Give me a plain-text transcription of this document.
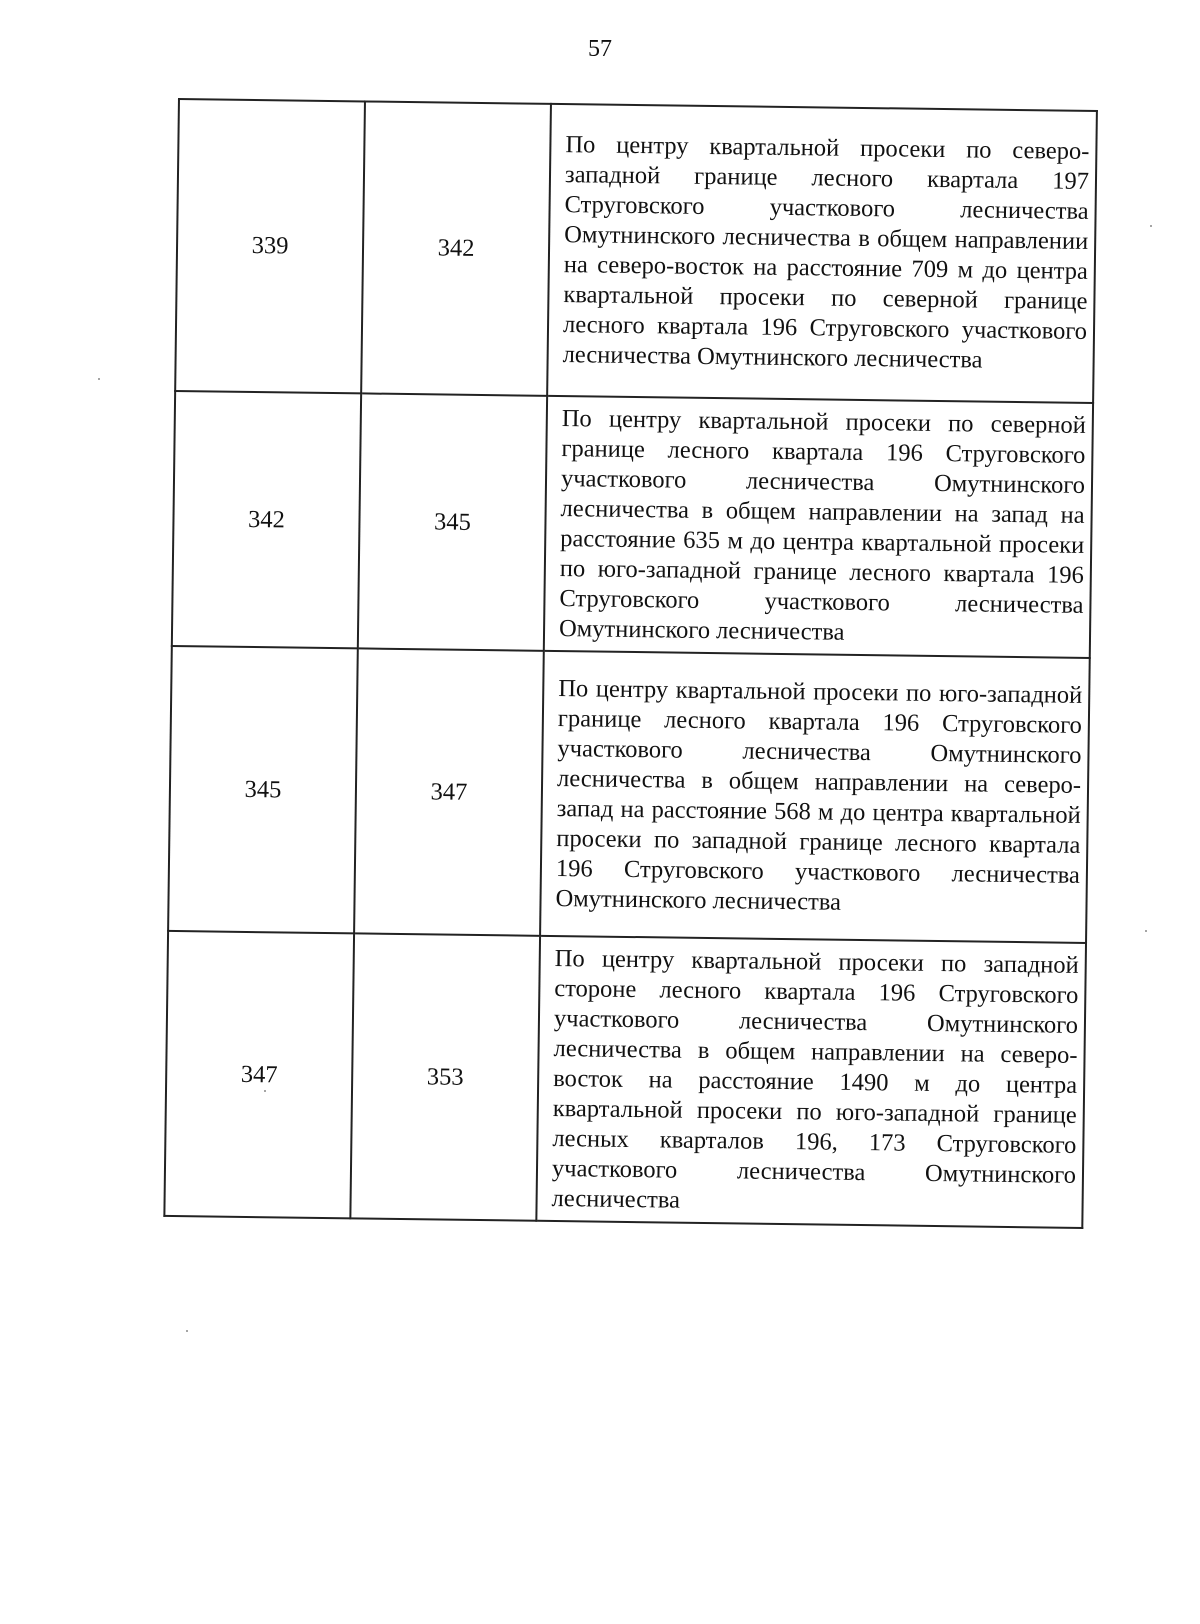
57
339	342	По центру квартальной просеки по северо-западной границе лесного квартала 197 Струговского участкового лесничества Омутнинского лесничества в общем направлении на северо-восток на расстояние 709 м до центра квартальной просеки по северной границе лесного квартала 196 Струговского участкового лесничества Омутнинского лесничества
342	345	По центру квартальной просеки по северной границе лесного квартала 196 Струговского участкового лесничества Омутнинского лесничества в общем направлении на запад на расстояние 635 м до центра квартальной просеки по юго-западной границе лесного квартала 196 Струговского участкового лесничества Омутнинского лесничества
345	347	По центру квартальной просеки по юго-западной границе лесного квартала 196 Струговского участкового лесничества Омутнинского лесничества в общем направлении на северо-запад на расстояние 568 м до центра квартальной просеки по западной границе лесного квартала 196 Струговского участкового лесничества Омутнинского лесничества
347	353	По центру квартальной просеки по западной стороне лесного квартала 196 Струговского участкового лесничества Омутнинского лесничества в общем направлении на северо-восток на расстояние 1490 м до центра квартальной просеки по юго-западной границе лесных кварталов 196, 173 Струговского участкового лесничества Омутнинского лесничества
